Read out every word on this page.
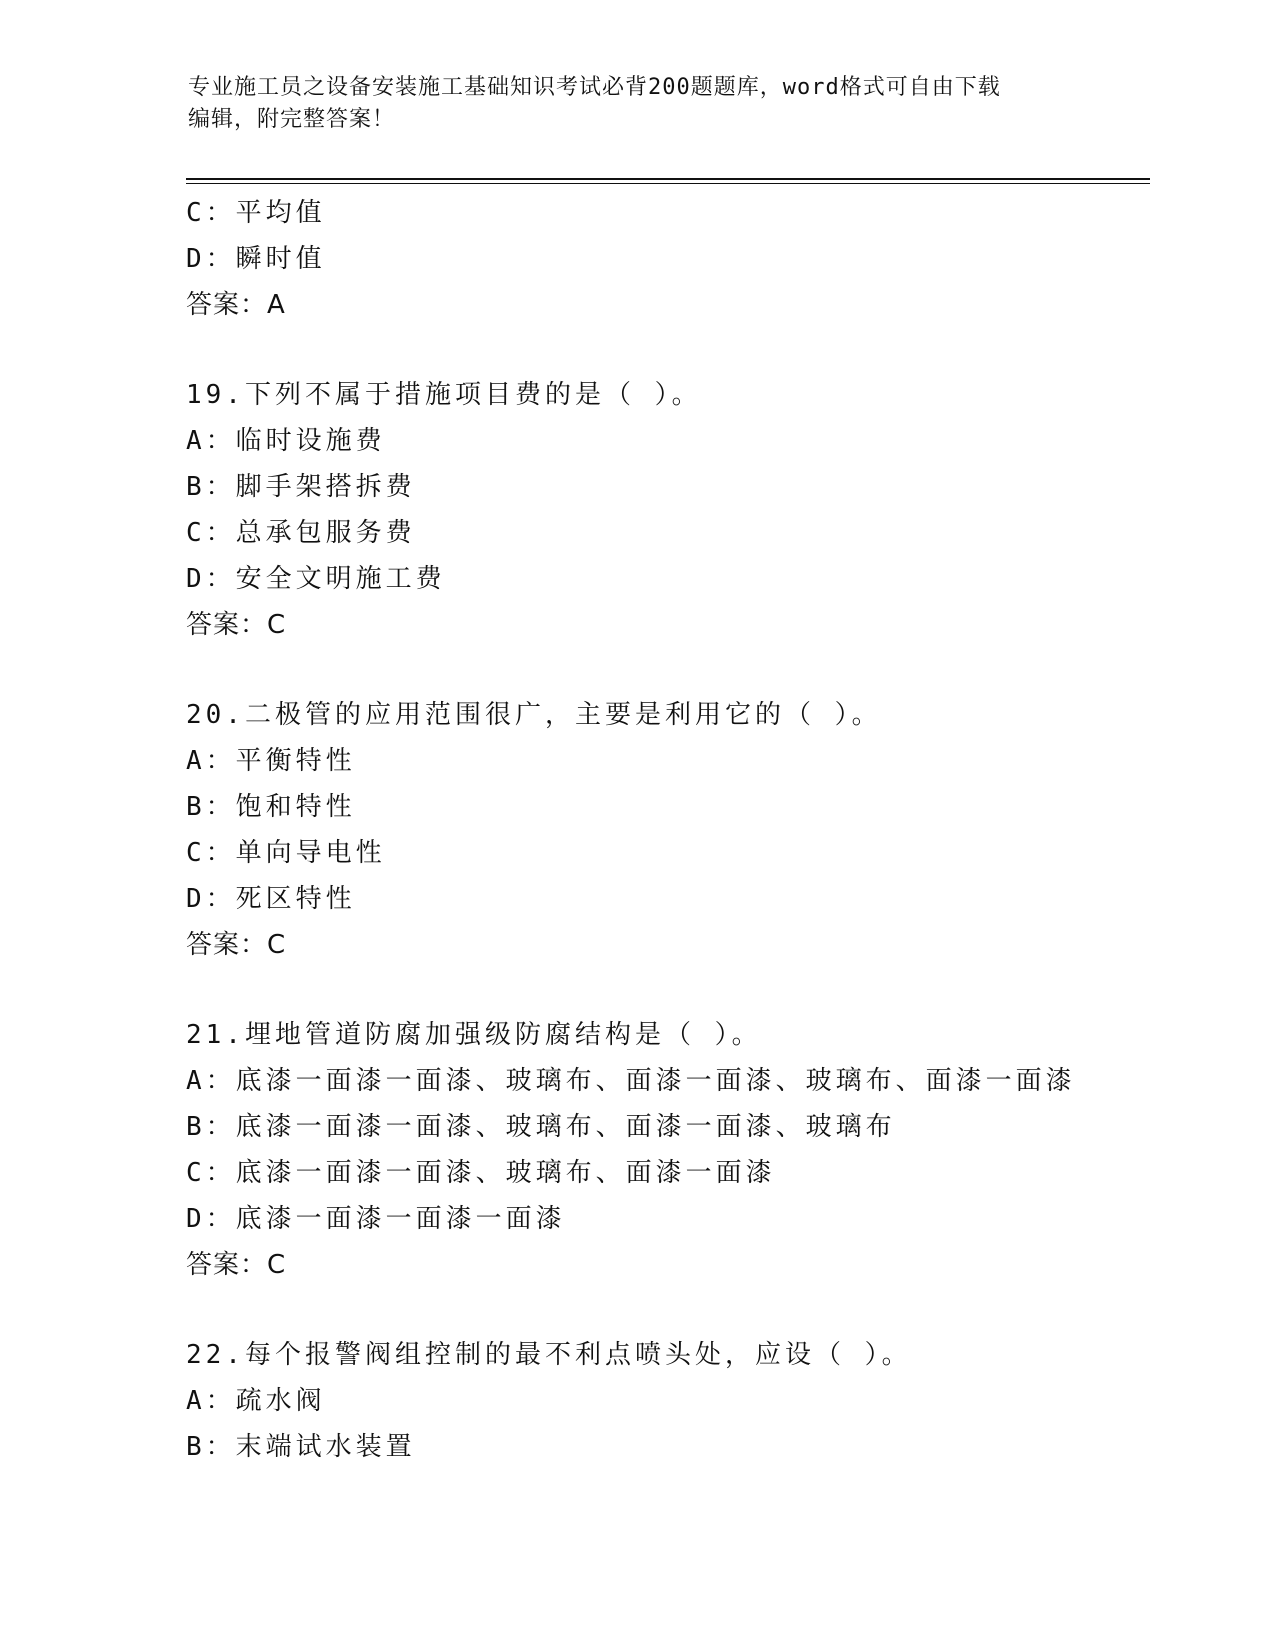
专业施工员之设备安装施工基础知识考试必背200题题库，word格式可自由下载
编辑，附完整答案！
C：平均值
D：瞬时值
答案：A
19.下列不属于措施项目费的是（ ）。
A：临时设施费
B：脚手架搭拆费
C：总承包服务费
D：安全文明施工费
答案：C
20.二极管的应用范围很广，主要是利用它的（ ）。
A：平衡特性
B：饱和特性
C：单向导电性
D：死区特性
答案：C
21.埋地管道防腐加强级防腐结构是（ ）。
A：底漆一面漆一面漆、玻璃布、面漆一面漆、玻璃布、面漆一面漆
B：底漆一面漆一面漆、玻璃布、面漆一面漆、玻璃布
C：底漆一面漆一面漆、玻璃布、面漆一面漆
D：底漆一面漆一面漆一面漆
答案：C
22.每个报警阀组控制的最不利点喷头处，应设（ ）。
A：疏水阀
B：末端试水装置
